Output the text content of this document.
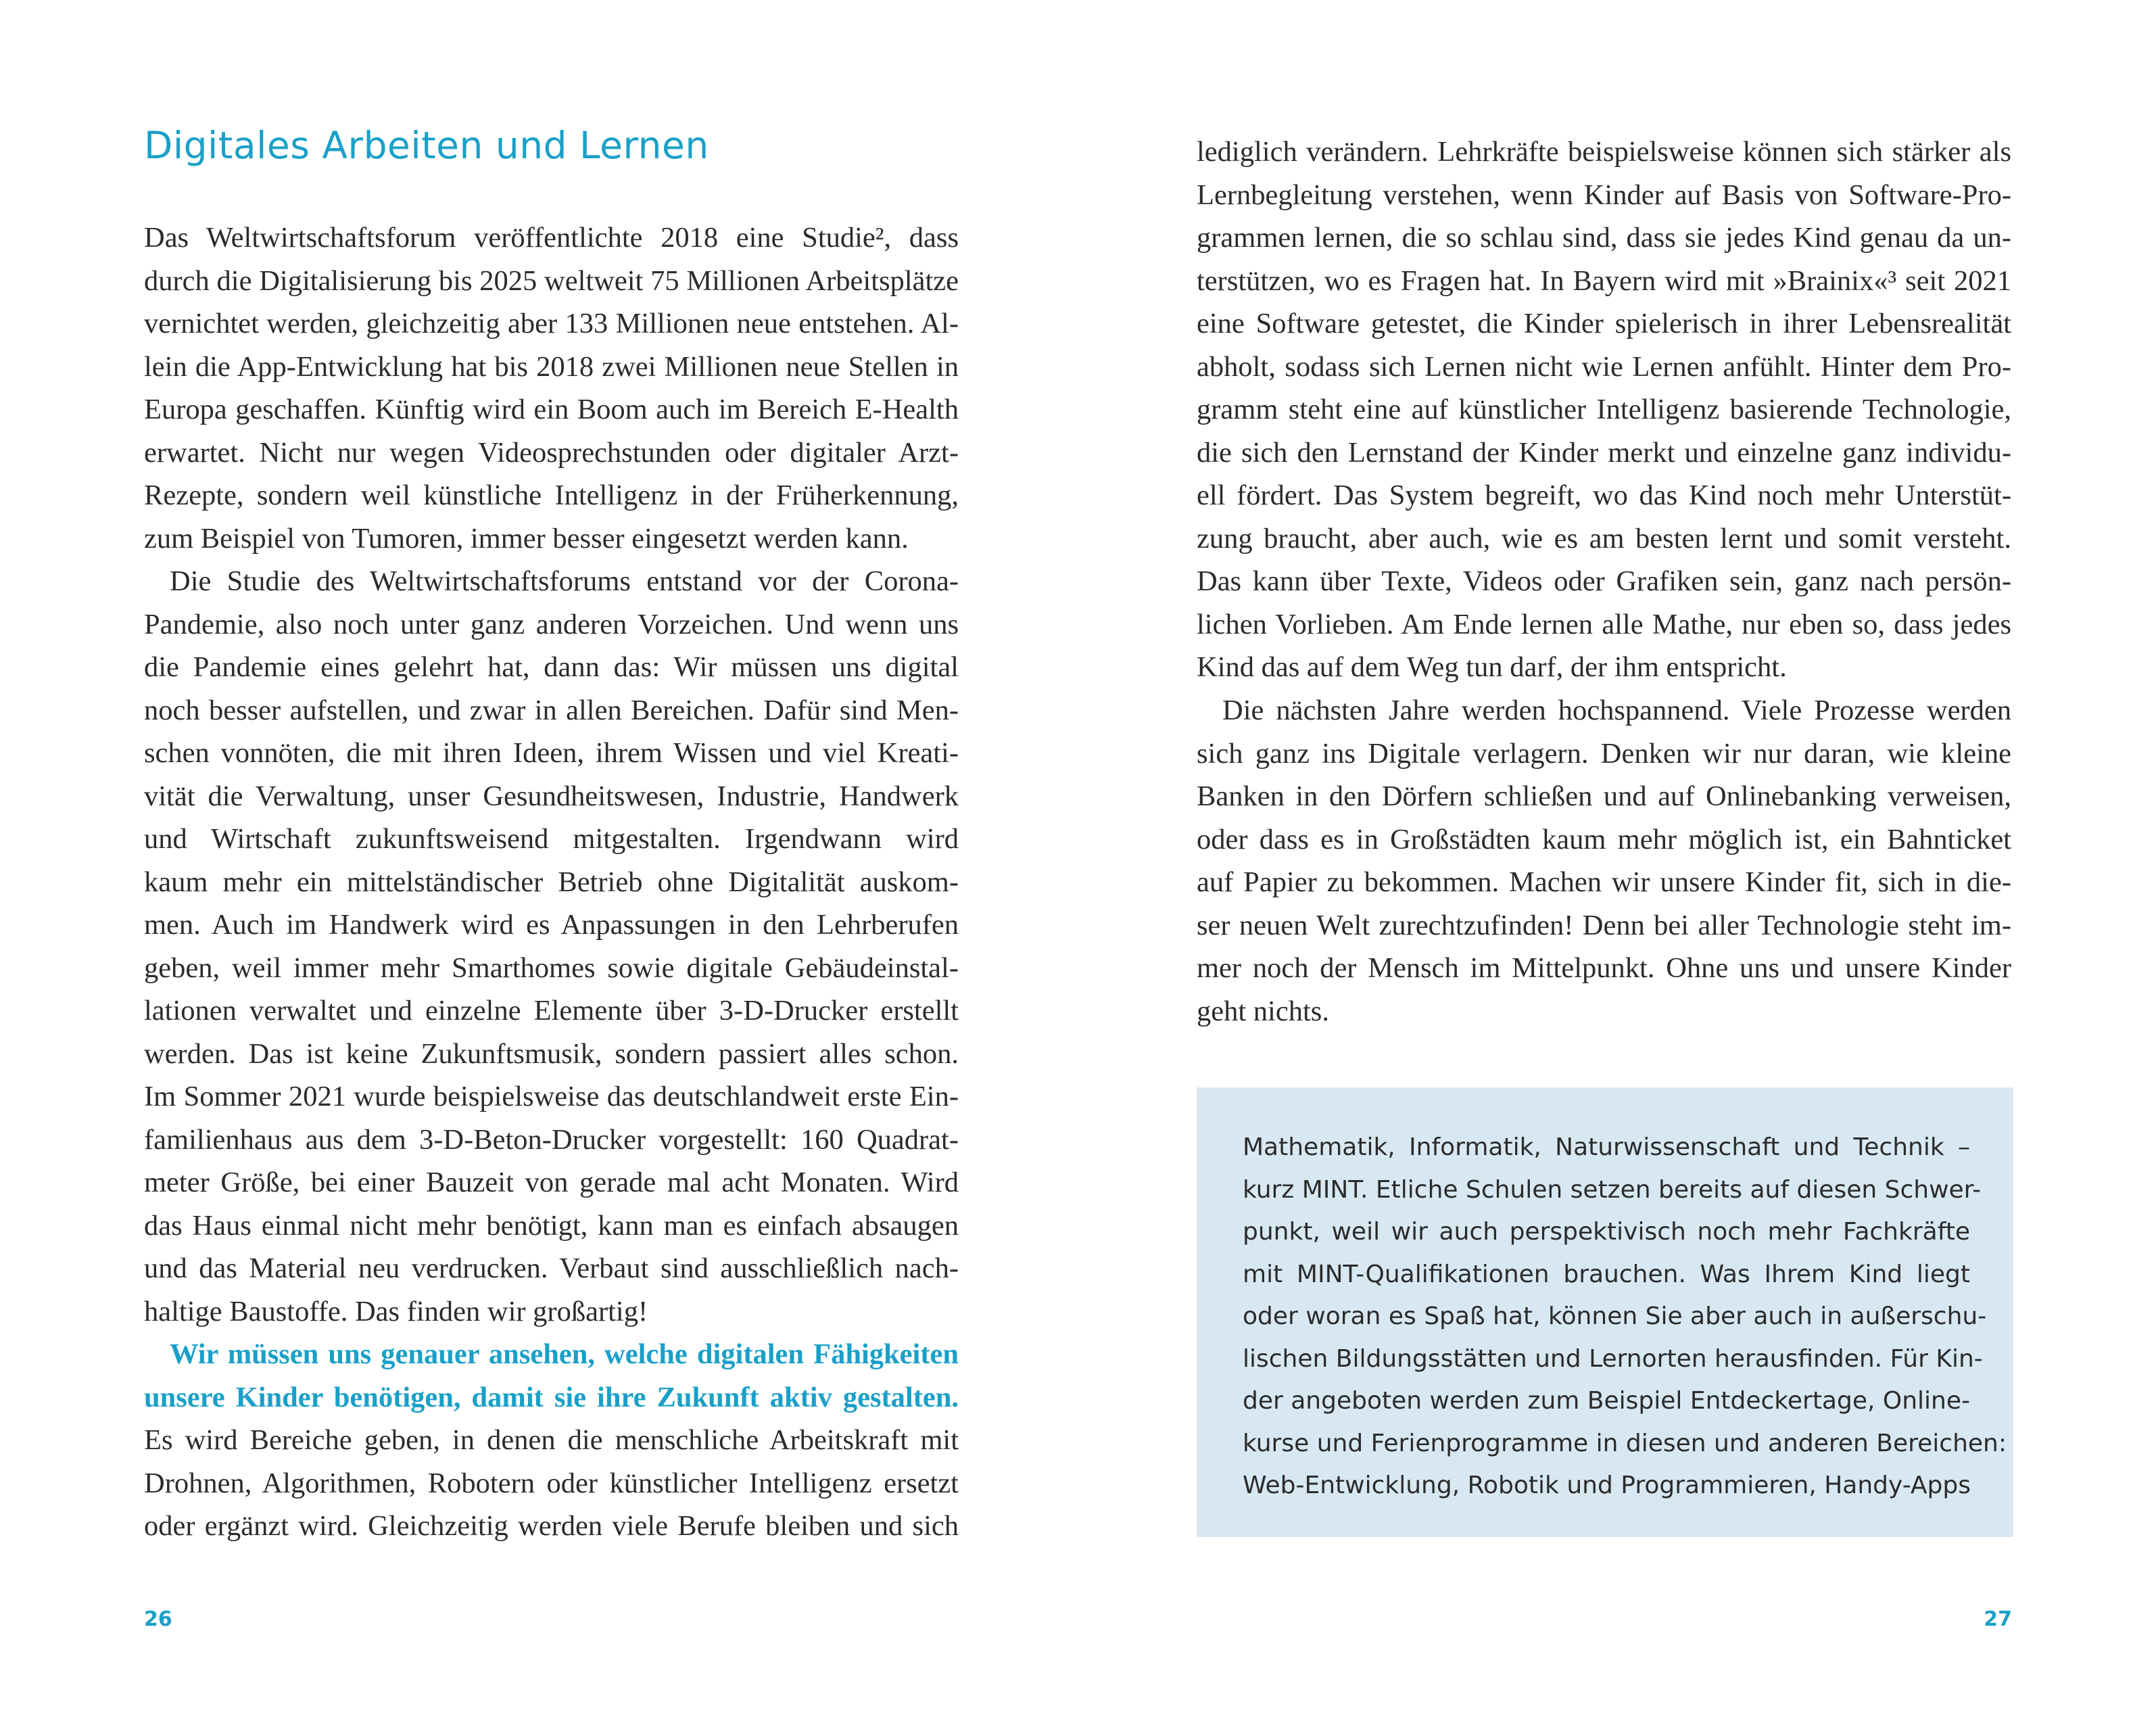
Digitales Arbeiten und Lernen
Das Weltwirtschaftsforum veröffentlichte 2018 eine Studie², dass
durch die Digitalisierung bis 2025 weltweit 75 Millionen Arbeitsplätze
vernichtet werden, gleichzeitig aber 133 Millionen neue entstehen. Al-
lein die App-Entwicklung hat bis 2018 zwei Millionen neue Stellen in
Europa geschaffen. Künftig wird ein Boom auch im Bereich E-Health
erwartet. Nicht nur wegen Videosprechstunden oder digitaler Arzt-
Rezepte, sondern weil künstliche Intelligenz in der Früherkennung,
zum Beispiel von Tumoren, immer besser eingesetzt werden kann.
Die Studie des Weltwirtschaftsforums entstand vor der Corona-
Pandemie, also noch unter ganz anderen Vorzeichen. Und wenn uns
die Pandemie eines gelehrt hat, dann das: Wir müssen uns digital
noch besser aufstellen, und zwar in allen Bereichen. Dafür sind Men-
schen vonnöten, die mit ihren Ideen, ihrem Wissen und viel Kreati-
vität die Verwaltung, unser Gesundheitswesen, Industrie, Handwerk
und Wirtschaft zukunftsweisend mitgestalten. Irgendwann wird
kaum mehr ein mittelständischer Betrieb ohne Digitalität auskom-
men. Auch im Handwerk wird es Anpassungen in den Lehrberufen
geben, weil immer mehr Smarthomes sowie digitale Gebäudeinstal-
lationen verwaltet und einzelne Elemente über 3-D-Drucker erstellt
werden. Das ist keine Zukunftsmusik, sondern passiert alles schon.
Im Sommer 2021 wurde beispielsweise das deutschlandweit erste Ein-
familienhaus aus dem 3-D-Beton-Drucker vorgestellt: 160 Quadrat-
meter Größe, bei einer Bauzeit von gerade mal acht Monaten. Wird
das Haus einmal nicht mehr benötigt, kann man es einfach absaugen
und das Material neu verdrucken. Verbaut sind ausschließlich nach-
haltige Baustoffe. Das finden wir großartig!
Wir müssen uns genauer ansehen, welche digitalen Fähigkeiten
unsere Kinder benötigen, damit sie ihre Zukunft aktiv gestalten.
Es wird Bereiche geben, in denen die menschliche Arbeitskraft mit
Drohnen, Algorithmen, Robotern oder künstlicher Intelligenz ersetzt
oder ergänzt wird. Gleichzeitig werden viele Berufe bleiben und sich
lediglich verändern. Lehrkräfte beispielsweise können sich stärker als
Lernbegleitung verstehen, wenn Kinder auf Basis von Software-Pro-
grammen lernen, die so schlau sind, dass sie jedes Kind genau da un-
terstützen, wo es Fragen hat. In Bayern wird mit »Brainix«³ seit 2021
eine Software getestet, die Kinder spielerisch in ihrer Lebensrealität
abholt, sodass sich Lernen nicht wie Lernen anfühlt. Hinter dem Pro-
gramm steht eine auf künstlicher Intelligenz basierende Technologie,
die sich den Lernstand der Kinder merkt und einzelne ganz individu-
ell fördert. Das System begreift, wo das Kind noch mehr Unterstüt-
zung braucht, aber auch, wie es am besten lernt und somit versteht.
Das kann über Texte, Videos oder Grafiken sein, ganz nach persön-
lichen Vorlieben. Am Ende lernen alle Mathe, nur eben so, dass jedes
Kind das auf dem Weg tun darf, der ihm entspricht.
Die nächsten Jahre werden hochspannend. Viele Prozesse werden
sich ganz ins Digitale verlagern. Denken wir nur daran, wie kleine
Banken in den Dörfern schließen und auf Onlinebanking verweisen,
oder dass es in Großstädten kaum mehr möglich ist, ein Bahnticket
auf Papier zu bekommen. Machen wir unsere Kinder fit, sich in die-
ser neuen Welt zurechtzufinden! Denn bei aller Technologie steht im-
mer noch der Mensch im Mittelpunkt. Ohne uns und unsere Kinder
geht nichts.
Mathematik, Informatik, Naturwissenschaft und Technik –
kurz MINT. Etliche Schulen setzen bereits auf diesen Schwer-
punkt, weil wir auch perspektivisch noch mehr Fachkräfte
mit MINT-Qualifikationen brauchen. Was Ihrem Kind liegt
oder woran es Spaß hat, können Sie aber auch in außerschu-
lischen Bildungsstätten und Lernorten herausfinden. Für Kin-
der angeboten werden zum Beispiel Entdeckertage, Online-
kurse und Ferienprogramme in diesen und anderen Bereichen:
Web-Entwicklung, Robotik und Programmieren, Handy-Apps
26	27
